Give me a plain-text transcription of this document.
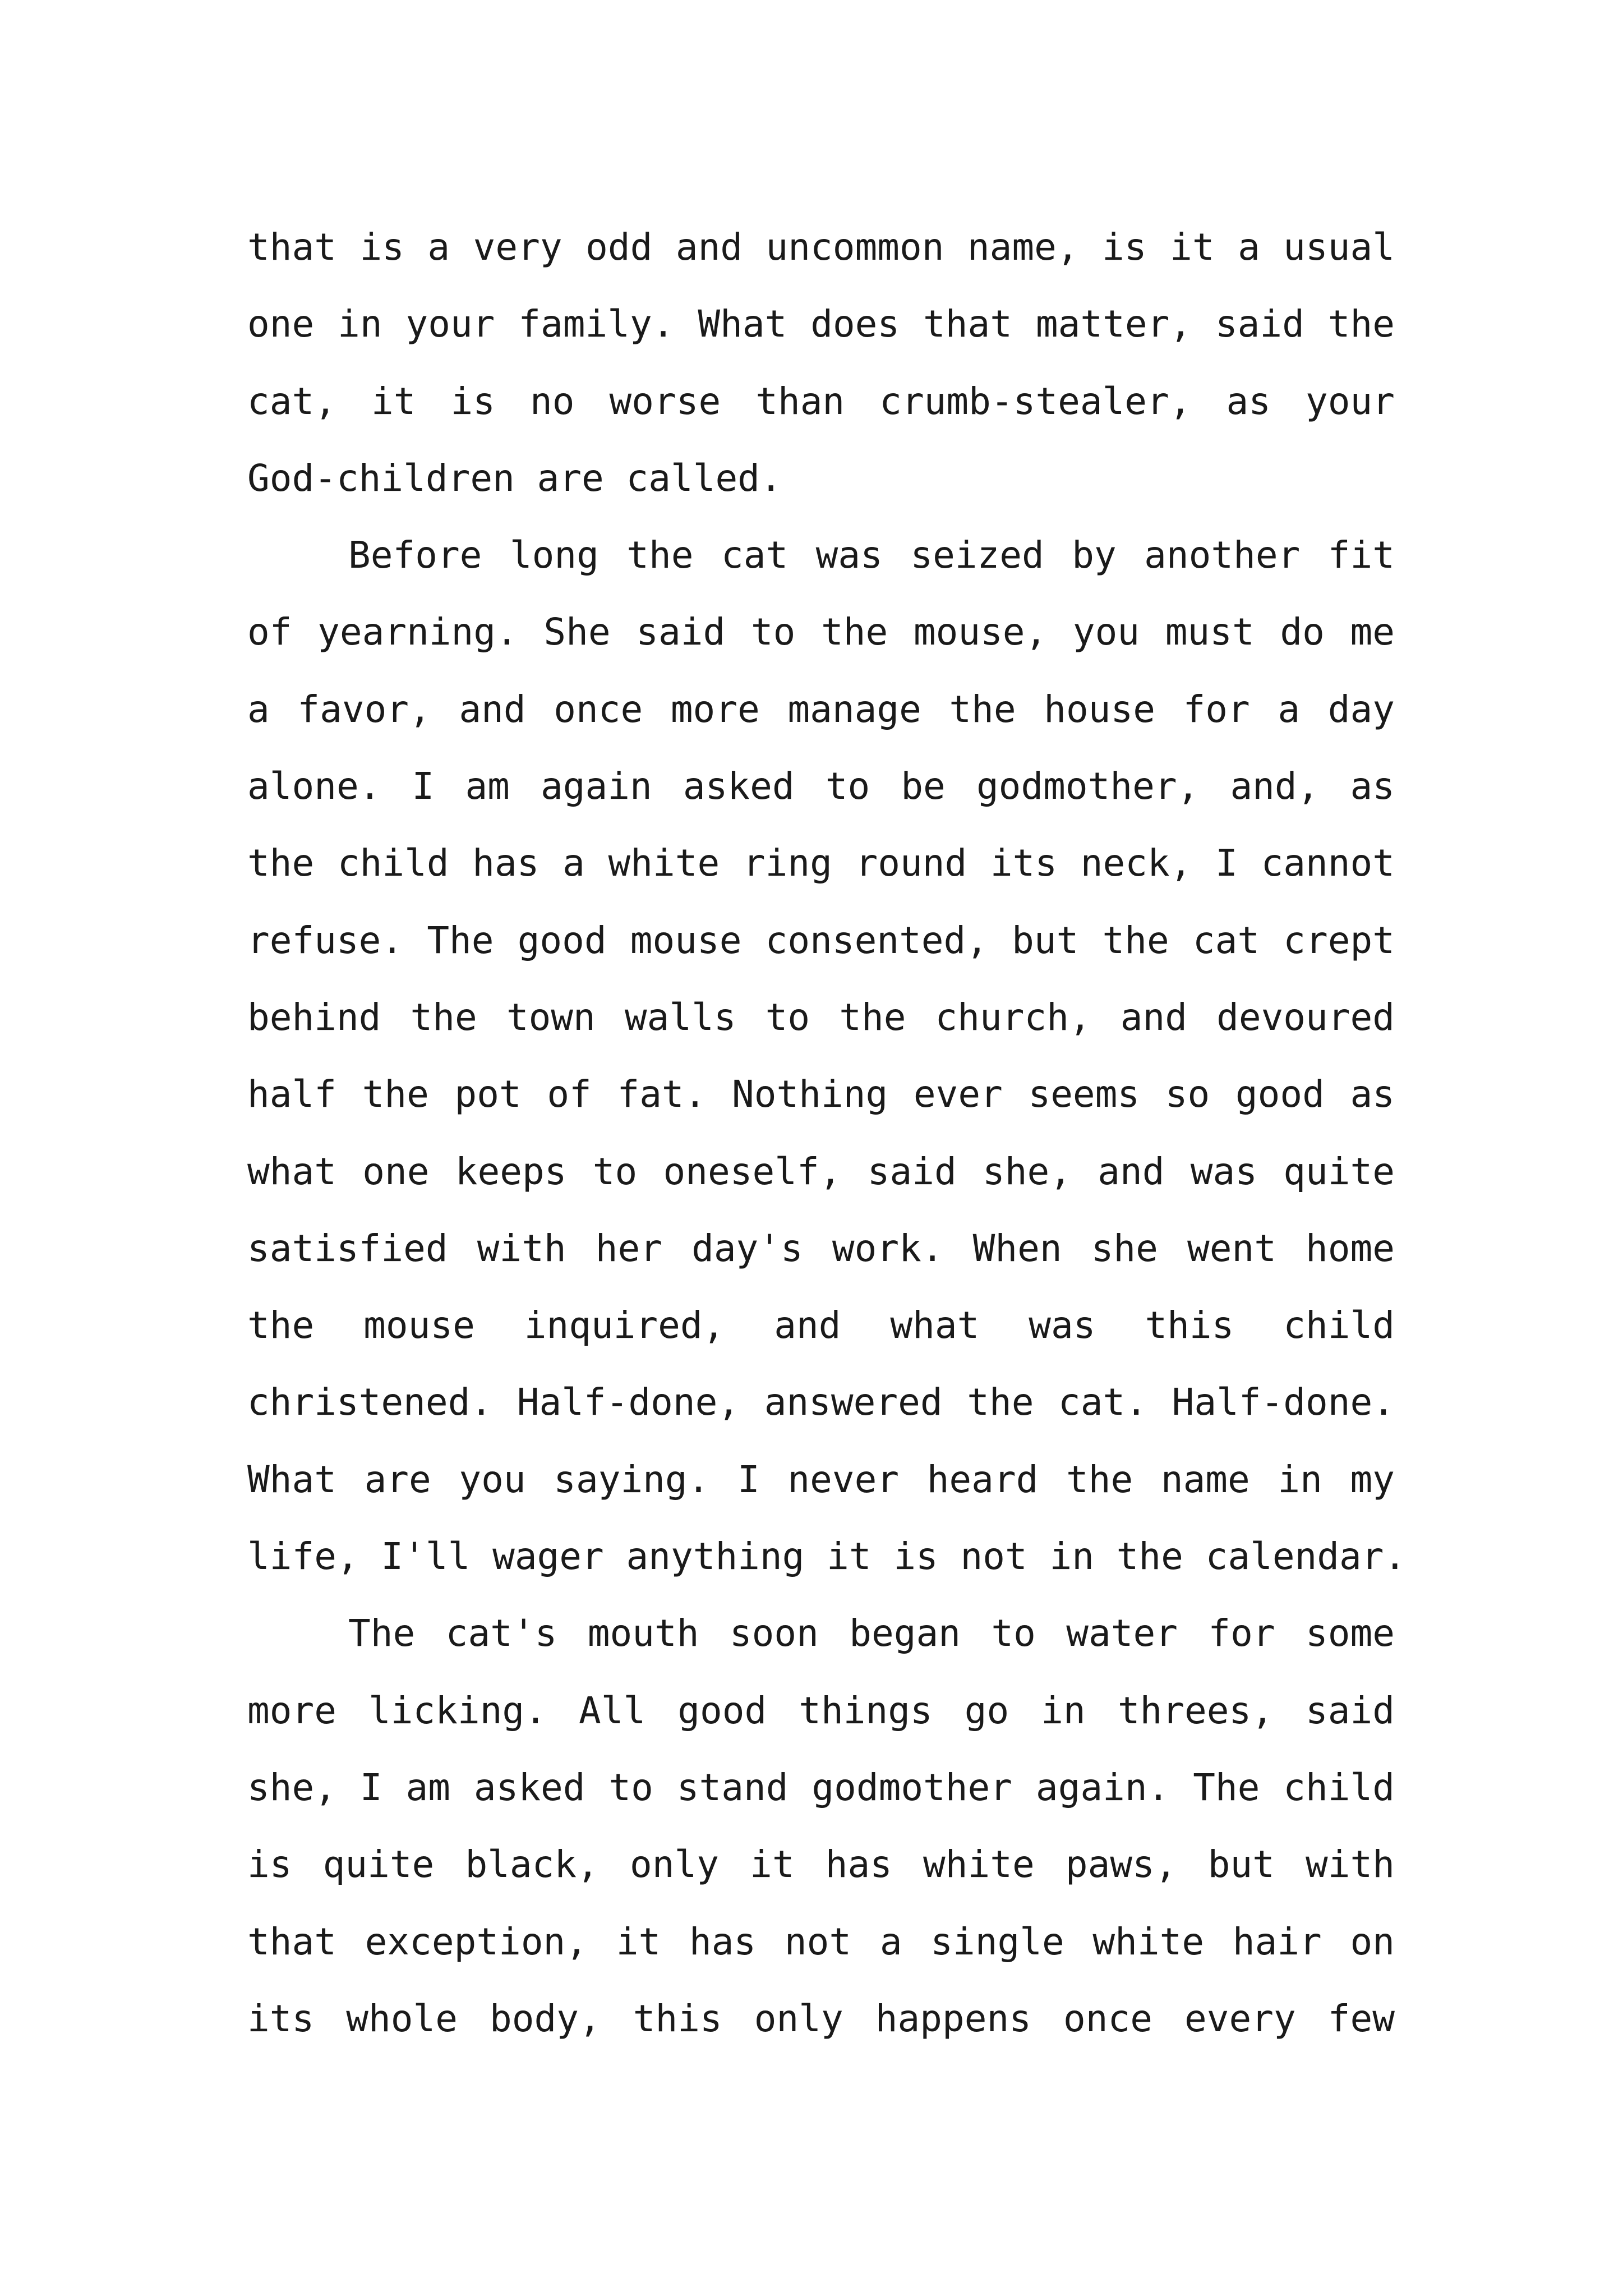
that is a very odd and uncommon name, is it a usual
one in your family. What does that matter, said the
cat, it is no worse than crumb-stealer, as your
God-children are called.
Before long the cat was seized by another fit
of yearning. She said to the mouse, you must do me
a favor, and once more manage the house for a day
alone. I am again asked to be godmother, and, as
the child has a white ring round its neck, I cannot
refuse. The good mouse consented, but the cat crept
behind the town walls to the church, and devoured
half the pot of fat. Nothing ever seems so good as
what one keeps to oneself, said she, and was quite
satisfied with her day's work. When she went home
the mouse inquired, and what was this child
christened. Half-done, answered the cat. Half-done.
What are you saying. I never heard the name in my
life, I'll wager anything it is not in the calendar.
The cat's mouth soon began to water for some
more licking. All good things go in threes, said
she, I am asked to stand godmother again. The child
is quite black, only it has white paws, but with
that exception, it has not a single white hair on
its whole body, this only happens once every few
